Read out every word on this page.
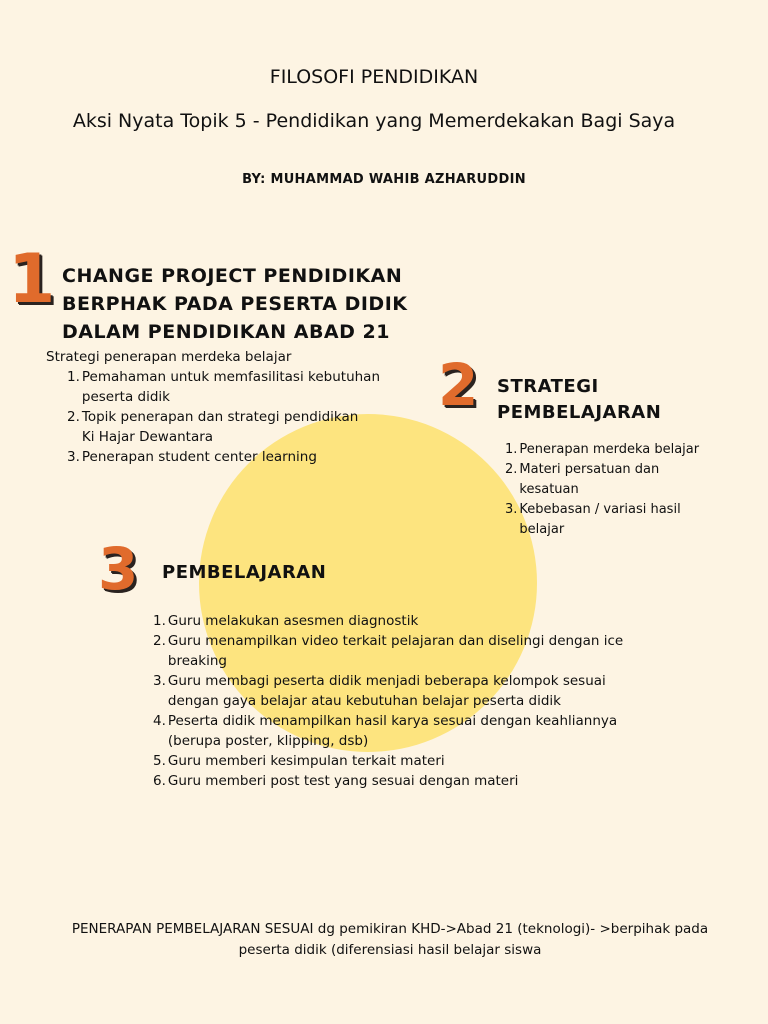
FILOSOFI PENDIDIKAN
Aksi Nyata Topik 5 - Pendidikan yang Memerdekakan Bagi Saya
BY: MUHAMMAD WAHIB AZHARUDDIN
1 CHANGE PROJECT PENDIDIKAN
BERPHAK PADA PESERTA DIDIK
DALAM PENDIDIKAN ABAD 21
Strategi penerapan merdeka belajar
1. Pemahaman untuk memfasilitasi kebutuhan
peserta didik
2. Topik penerapan dan strategi pendidikan
Ki Hajar Dewantara
3. Penerapan student center learning
2 STRATEGI PEMBELAJARAN
1. Penerapan merdeka belajar
2. Materi persatuan dan
kesatuan
3. Kebebasan / variasi hasil
belajar
3 PEMBELAJARAN
1. Guru melakukan asesmen diagnostik
2. Guru menampilkan video terkait pelajaran dan diselingi dengan ice
breaking
3. Guru membagi peserta didik menjadi beberapa kelompok sesuai
dengan gaya belajar atau kebutuhan belajar peserta didik
4. Peserta didik menampilkan hasil karya sesuai dengan keahliannya
(berupa poster, klipping, dsb)
5. Guru memberi kesimpulan terkait materi
6. Guru memberi post test yang sesuai dengan materi
PENERAPAN PEMBELAJARAN SESUAI dg pemikiran KHD->Abad 21 (teknologi)- >berpihak pada
peserta didik (diferensiasi hasil belajar siswa
